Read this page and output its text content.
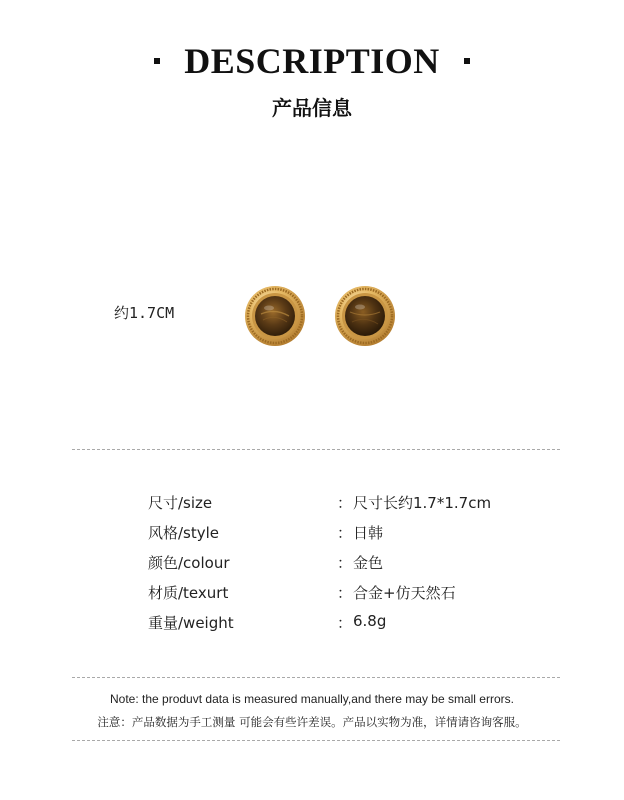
DESCRIPTION
产品信息
约1.7CM
尺寸/size	： 尺寸长约1.7*1.7cm
风格/style	： 日韩
颜色/colour	： 金色
材质/texurt	： 合金+仿天然石
重量/weight	： 6.8g
Note: the produvt data is measured manually,and there may be small errors.
注意：产品数据为手工测量 可能会有些许差误。产品以实物为准，详情请咨询客服。
